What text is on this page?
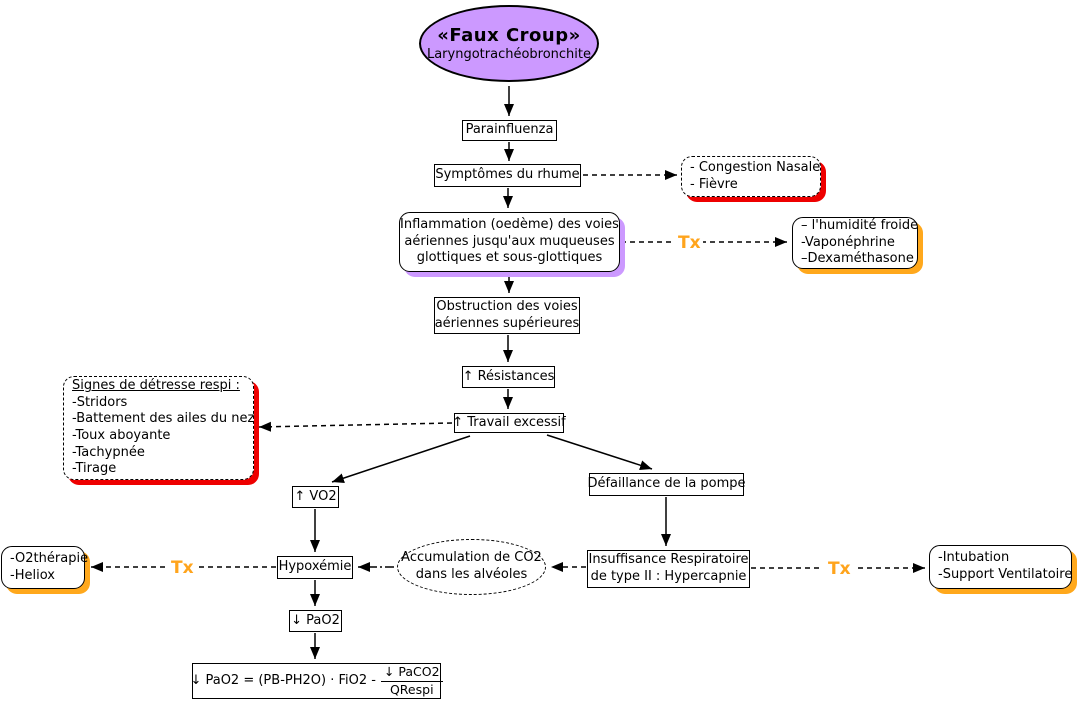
«Faux Croup»
Laryngotrachéobronchite
Parainfluenza
Symptômes du rhume	- Congestion Nasale
- Fièvre
Inflammation (oedème) des voies
aériennes jusqu'aux muqueuses
glottiques et sous-glottiques
Tx
– l'humidité froide
-Vaponéphrine
–Dexaméthasone
Obstruction des voies
aériennes supérieures
↑ Résistances
↑ Travail excessif
Signes de détresse respi :
-Stridors
-Battement des ailes du nez
-Toux aboyante
-Tachypnée
-Tirage
↑ VO2
Défaillance de la pompe
Hypoxémie
Accumulation de CO2
dans les alvéoles
Insuffisance Respiratoire
de type II : Hypercapnie
Tx
-O2thérapie
-Heliox	Tx
-Intubation
-Support Ventilatoire
↓ PaO2
↓ $PaO2 = (PB-PH2O) \cdot FiO2 - \frac{\text{↓ PaCO2}}{\text{QRespi}}$
